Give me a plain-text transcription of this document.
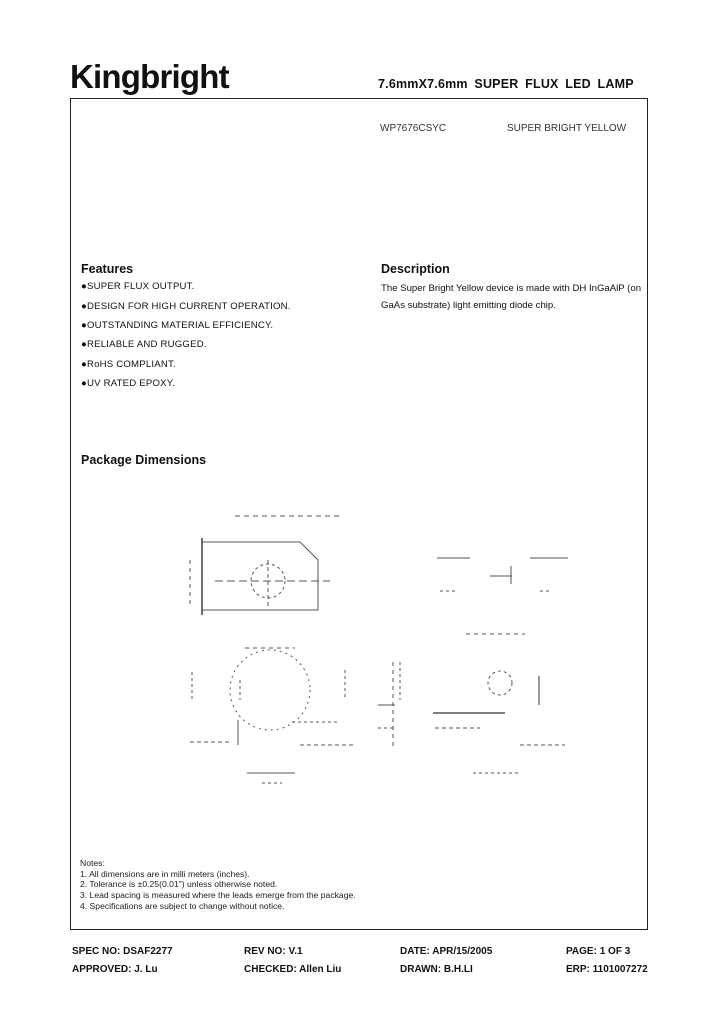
Kingbright	7.6mmX7.6mm SUPER FLUX LED LAMP
WP7676CSYC	SUPER BRIGHT YELLOW
Features
●SUPER FLUX OUTPUT.
●DESIGN FOR HIGH CURRENT OPERATION.
●OUTSTANDING MATERIAL EFFICIENCY.
●RELIABLE AND RUGGED.
●RoHS COMPLIANT.
●UV RATED EPOXY.
Description
The Super Bright Yellow device is made with DH InGaAlP (on GaAs substrate) light emitting diode chip.
Package Dimensions
Notes:
1. All dimensions are in milli meters (inches).
2. Tolerance is ±0.25(0.01") unless otherwise noted.
3. Lead spacing is measured where the leads emerge from the package.
4. Specifications are subject to change without notice.
SPEC NO: DSAF2277	REV NO: V.1	DATE: APR/15/2005	PAGE: 1 OF 3
APPROVED: J. Lu	CHECKED: Allen Liu	DRAWN: B.H.LI	ERP: 1101007272
